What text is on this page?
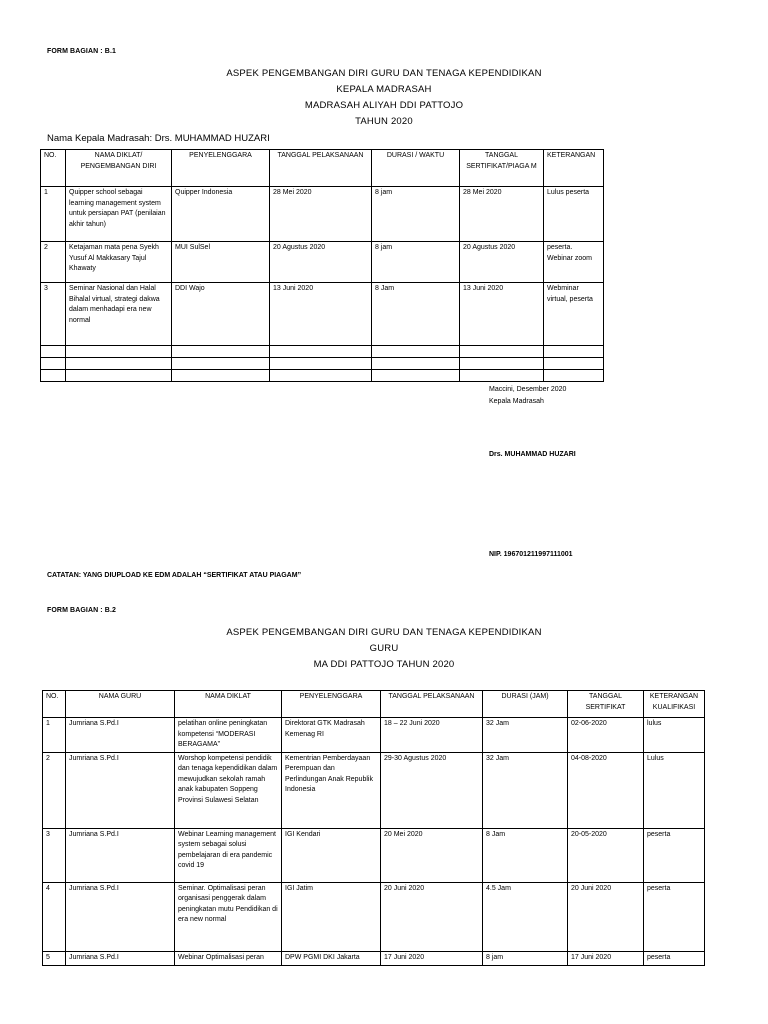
FORM BAGIAN : B.1
ASPEK PENGEMBANGAN DIRI GURU DAN TENAGA KEPENDIDIKAN
KEPALA MADRASAH
MADRASAH ALIYAH DDI PATTOJO
TAHUN 2020
Nama Kepala Madrasah: Drs. MUHAMMAD HUZARI
NO.	NAMA DIKLAT/ PENGEMBANGAN DIRI	PENYELENGGARA	TANGGAL PELAKSANAAN	DURASI / WAKTU	TANGGAL SERTIFIKAT/PIAGA M	KETERANGAN
1	Quipper school sebagai learning management system untuk persiapan PAT (penilaian akhir tahun)	Quipper Indonesia	28 Mei 2020	8 jam	28 Mei 2020	Lulus peserta
2	Ketajaman mata pena Syekh Yusuf Al Makkasary Tajul Khawaty	MUI SulSel	20 Agustus 2020	8 jam	20 Agustus 2020	peserta. Webinar zoom
3	Seminar Nasional dan Halal Bihalal virtual, strategi dakwa dalam menhadapi era new normal	DDI Wajo	13 Juni 2020	8 Jam	13 Juni 2020	Webminar virtual, peserta

Maccini, Desember 2020
Kepala Madrasah
Drs. MUHAMMAD HUZARI
NIP. 196701211997111001
CATATAN: YANG DIUPLOAD KE EDM ADALAH “SERTIFIKAT ATAU PIAGAM”
FORM BAGIAN : B.2
ASPEK PENGEMBANGAN DIRI GURU DAN TENAGA KEPENDIDIKAN
GURU
MA DDI PATTOJO TAHUN 2020
NO.	NAMA GURU	NAMA DIKLAT	PENYELENGGARA	TANGGAL PELAKSANAAN	DURASI (JAM)	TANGGAL SERTIFIKAT	KETERANGAN KUALIFIKASI
1	Jumriana S.Pd.I	pelatihan online peningkatan kompetensi “MODERASI BERAGAMA”	Direktorat GTK Madrasah Kemenag RI	18 – 22 Juni 2020	32 Jam	02-06-2020	lulus
2	Jumriana S.Pd.I	Worshop kompetensi pendidik dan tenaga kependidikan dalam mewujudkan sekolah ramah anak kabupaten Soppeng Provinsi Sulawesi Selatan	Kementrian Pemberdayaan Perempuan dan Perlindungan Anak Republik Indonesia	29-30 Agustus 2020	32 Jam	04-08-2020	Lulus
3	Jumriana S.Pd.I	Webinar Learning management system sebagai solusi pembelajaran di era pandemic covid 19	IGI Kendari	20 Mei 2020	8 Jam	20-05-2020	peserta
4	Jumriana S.Pd.I	Seminar. Optimalisasi peran organisasi penggerak dalam peningkatan mutu Pendidikan di era new normal	IGI Jatim	20 Juni 2020	4.5 Jam	20 Juni 2020	peserta
5	Jumriana S.Pd.I	Webinar Optimalisasi peran	DPW PGMI DKI Jakarta	17 Juni 2020	8 jam	17 Juni 2020	peserta
